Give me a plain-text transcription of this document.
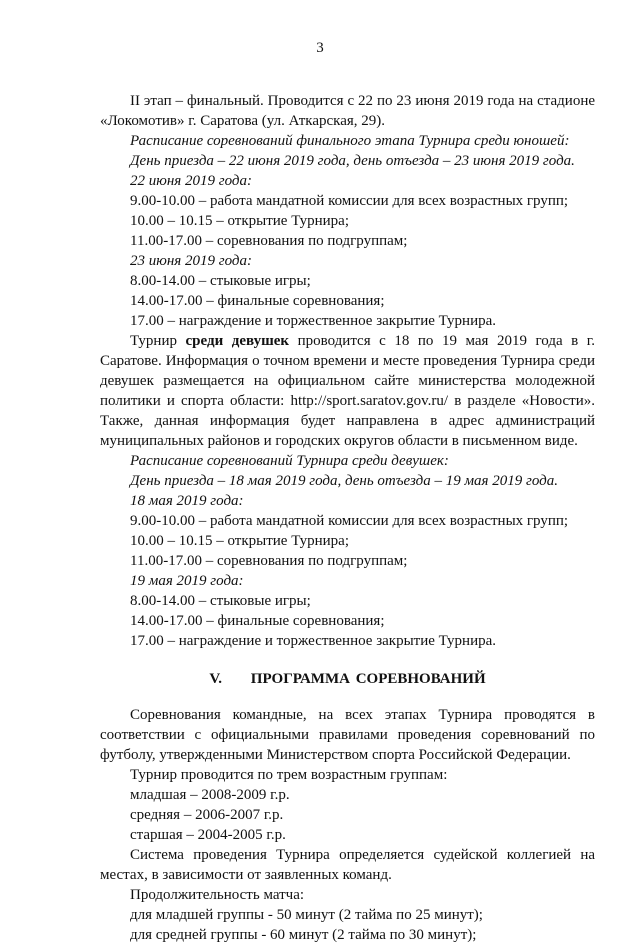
3
II этап – финальный. Проводится с 22 по 23 июня 2019 года на стадионе «Локомотив» г. Саратова (ул. Аткарская, 29).
Расписание соревнований финального этапа Турнира среди юношей:
День приезда – 22 июня 2019 года, день отъезда – 23 июня 2019 года.
22 июня 2019 года:
9.00-10.00 – работа мандатной комиссии для всех возрастных групп;
10.00 – 10.15 – открытие Турнира;
11.00-17.00 – соревнования по подгруппам;
23 июня 2019 года:
8.00-14.00 – стыковые игры;
14.00-17.00 – финальные соревнования;
17.00 – награждение и торжественное закрытие Турнира.
Турнир среди девушек проводится с 18 по 19 мая 2019 года в г. Саратове. Информация о точном времени и месте проведения Турнира среди девушек размещается на официальном сайте министерства молодежной политики и спорта области: http://sport.saratov.gov.ru/ в разделе «Новости». Также, данная информация будет направлена в адрес администраций муниципальных районов и городских округов области в письменном виде.
Расписание соревнований Турнира среди девушек:
День приезда – 18 мая 2019 года, день отъезда – 19 мая 2019 года.
18 мая 2019 года:
9.00-10.00 – работа мандатной комиссии для всех возрастных групп;
10.00 – 10.15 – открытие Турнира;
11.00-17.00 – соревнования по подгруппам;
19 мая 2019 года:
8.00-14.00 – стыковые игры;
14.00-17.00 – финальные соревнования;
17.00 – награждение и торжественное закрытие Турнира.
V. ПРОГРАММА СОРЕВНОВАНИЙ
Соревнования командные, на всех этапах Турнира проводятся в соответствии с официальными правилами проведения соревнований по футболу, утвержденными Министерством спорта Российской Федерации.
Турнир проводится по трем возрастным группам:
младшая – 2008-2009 г.р.
средняя – 2006-2007 г.р.
старшая – 2004-2005 г.р.
Система проведения Турнира определяется судейской коллегией на местах, в зависимости от заявленных команд.
Продолжительность матча:
для младшей группы - 50 минут (2 тайма по 25 минут);
для средней группы - 60 минут (2 тайма по 30 минут);
